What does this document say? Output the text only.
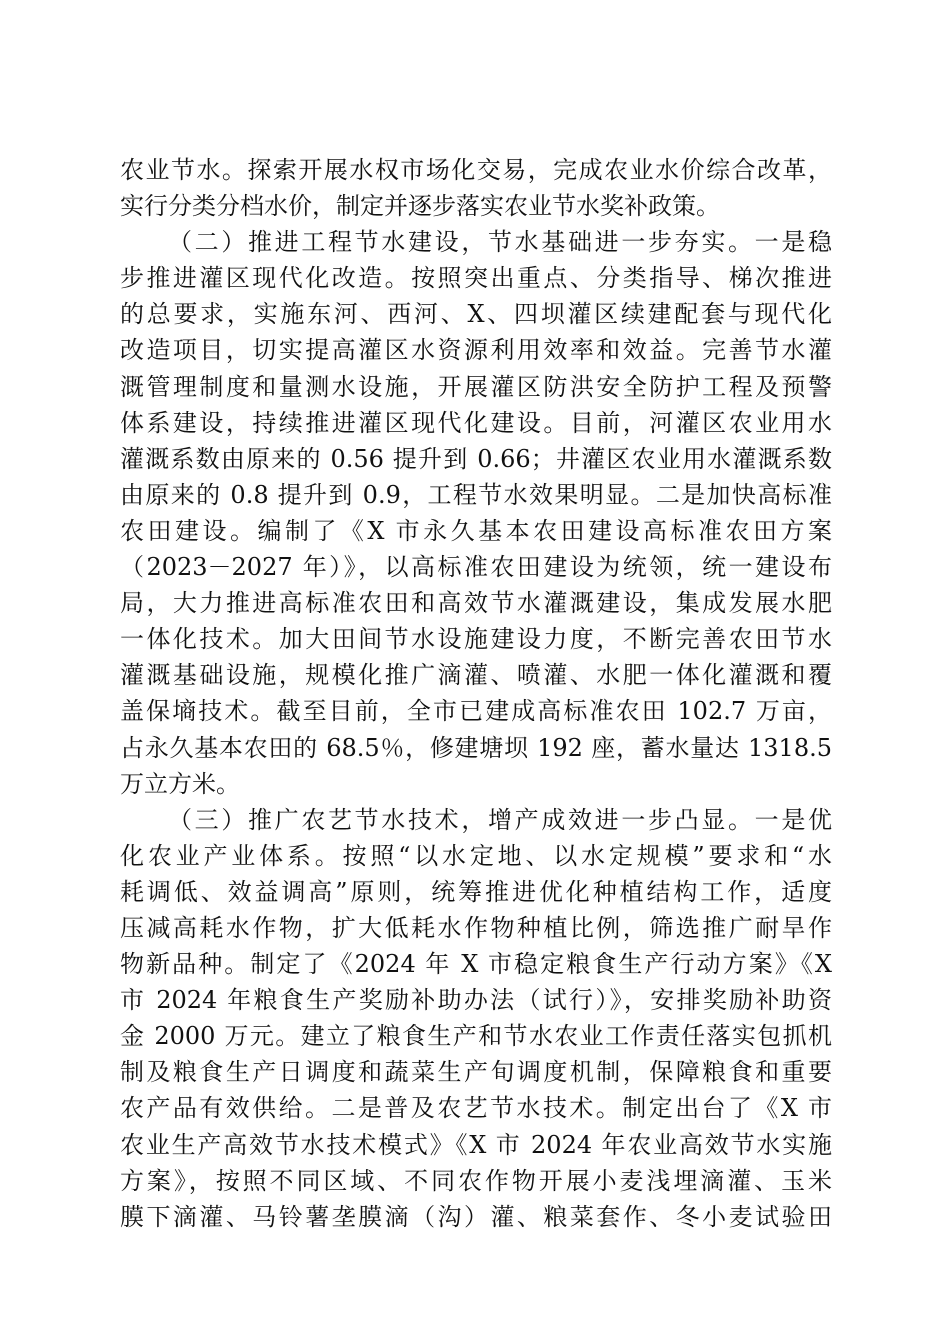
农业节水。探索开展水权市场化交易，完成农业水价综合改革，
实行分类分档水价，制定并逐步落实农业节水奖补政策。
（二）推进工程节水建设，节水基础进一步夯实。一是稳
步推进灌区现代化改造。按照突出重点、分类指导、梯次推进
的总要求，实施东河、西河、X、四坝灌区续建配套与现代化
改造项目，切实提高灌区水资源利用效率和效益。完善节水灌
溉管理制度和量测水设施，开展灌区防洪安全防护工程及预警
体系建设，持续推进灌区现代化建设。目前，河灌区农业用水
灌溉系数由原来的 0.56 提升到 0.66；井灌区农业用水灌溉系数
由原来的 0.8 提升到 0.9，工程节水效果明显。二是加快高标准
农田建设。编制了《X 市永久基本农田建设高标准农田方案
（2023－2027 年）》，以高标准农田建设为统领，统一建设布
局，大力推进高标准农田和高效节水灌溉建设，集成发展水肥
一体化技术。加大田间节水设施建设力度，不断完善农田节水
灌溉基础设施，规模化推广滴灌、喷灌、水肥一体化灌溉和覆
盖保墒技术。截至目前，全市已建成高标准农田 102.7 万亩，
占永久基本农田的 68.5％，修建塘坝 192 座，蓄水量达 1318.5
万立方米。
（三）推广农艺节水技术，增产成效进一步凸显。一是优
化农业产业体系。按照“以水定地、以水定规模”要求和“水
耗调低、效益调高”原则，统筹推进优化种植结构工作，适度
压减高耗水作物，扩大低耗水作物种植比例，筛选推广耐旱作
物新品种。制定了《2024 年 X 市稳定粮食生产行动方案》《X
市 2024 年粮食生产奖励补助办法（试行）》，安排奖励补助资
金 2000 万元。建立了粮食生产和节水农业工作责任落实包抓机
制及粮食生产日调度和蔬菜生产旬调度机制，保障粮食和重要
农产品有效供给。二是普及农艺节水技术。制定出台了《X 市
农业生产高效节水技术模式》《X 市 2024 年农业高效节水实施
方案》，按照不同区域、不同农作物开展小麦浅埋滴灌、玉米
膜下滴灌、马铃薯垄膜滴（沟）灌、粮菜套作、冬小麦试验田
